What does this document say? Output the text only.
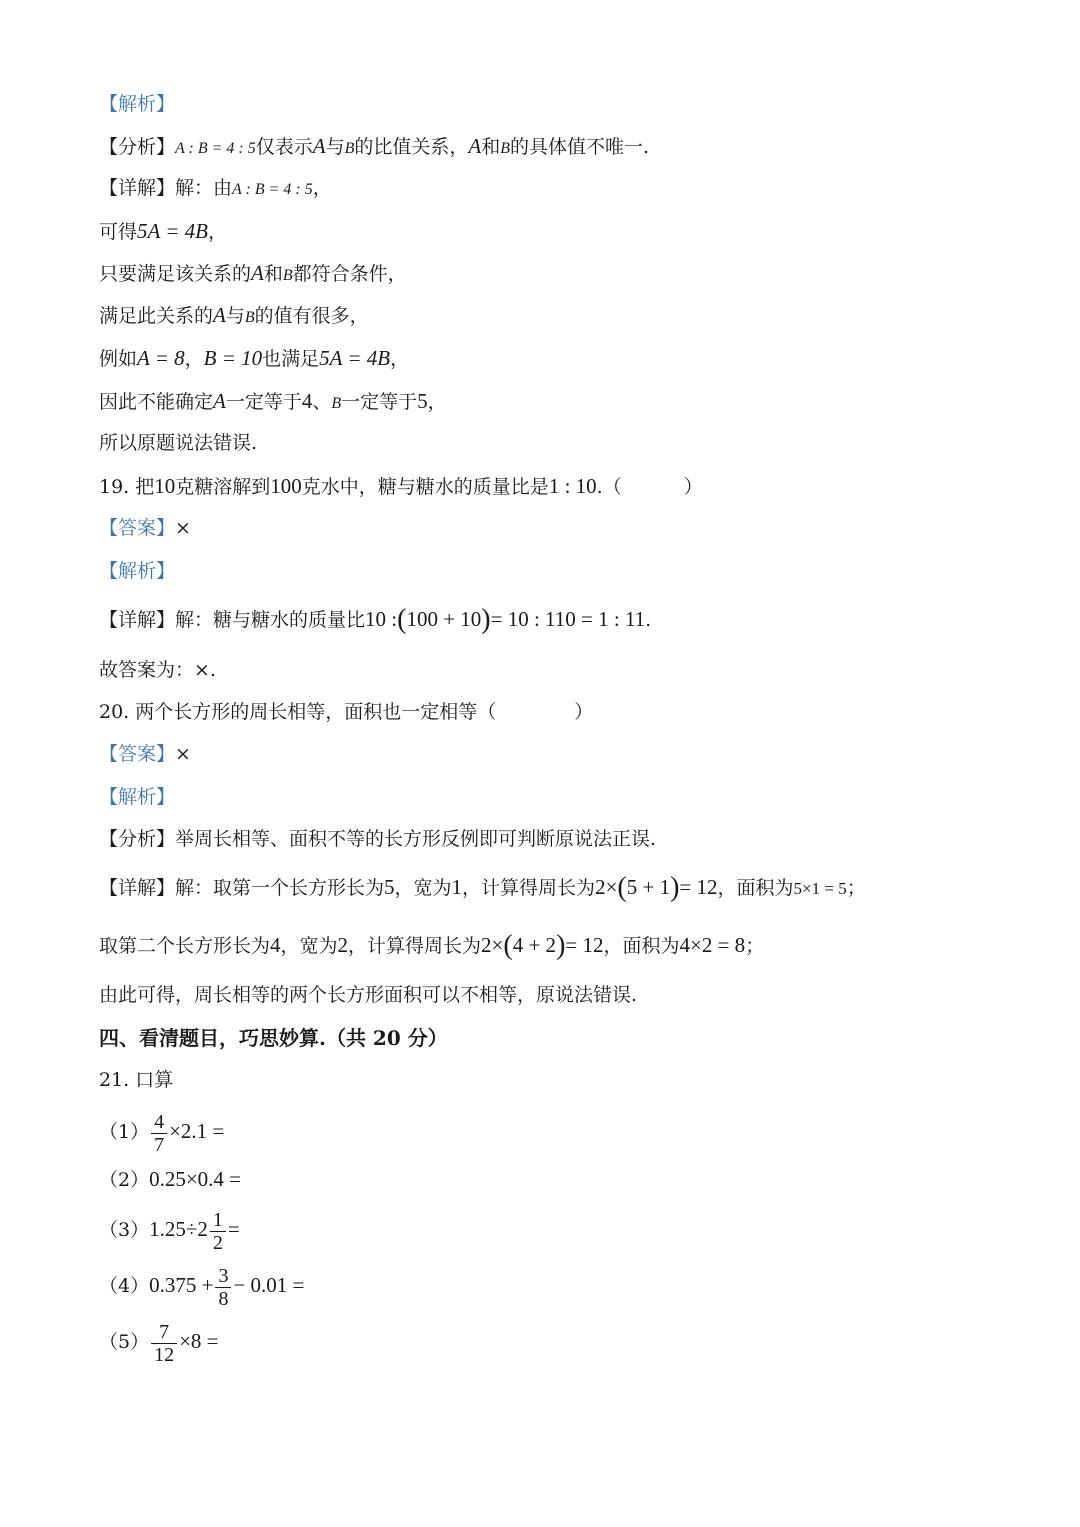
【解析】
【分析】A : B = 4 : 5仅表示A与B的比值关系，A和B的具体值不唯一.
【详解】解：由A : B = 4 : 5，
可得5A = 4B，
只要满足该关系的A和B都符合条件，
满足此关系的A与B的值有很多，
例如A = 8，B = 10也满足5A = 4B，
因此不能确定A一定等于4、B一定等于5，
所以原题说法错误.
19. 把10克糖溶解到100克水中，糖与糖水的质量比是1 : 10.（	）
【答案】×
【解析】
【详解】解：糖与糖水的质量比10 :(100 + 10)= 10 : 110 = 1 : 11.
故答案为：×.
20. 两个长方形的周长相等，面积也一定相等（	）
【答案】×
【解析】
【分析】举周长相等、面积不等的长方形反例即可判断原说法正误.
【详解】解：取第一个长方形长为5，宽为1，计算得周长为2×(5 + 1)= 12，面积为5×1 = 5；
取第二个长方形长为4，宽为2，计算得周长为2×(4 + 2)= 12，面积为4×2 = 8；
由此可得，周长相等的两个长方形面积可以不相等，原说法错误.
四、看清题目，巧思妙算.（共 20 分）
21. 口算
$(1) \frac{4}{7} \times 2.1$ =
（2）0.25×0.4 =
$(3)1.25\div 2 \frac{1}{2}$ =
$(4)0.375 + \frac{3}{8} - 0.01$ =
$(5) \frac{7}{12} \times 8$ =
